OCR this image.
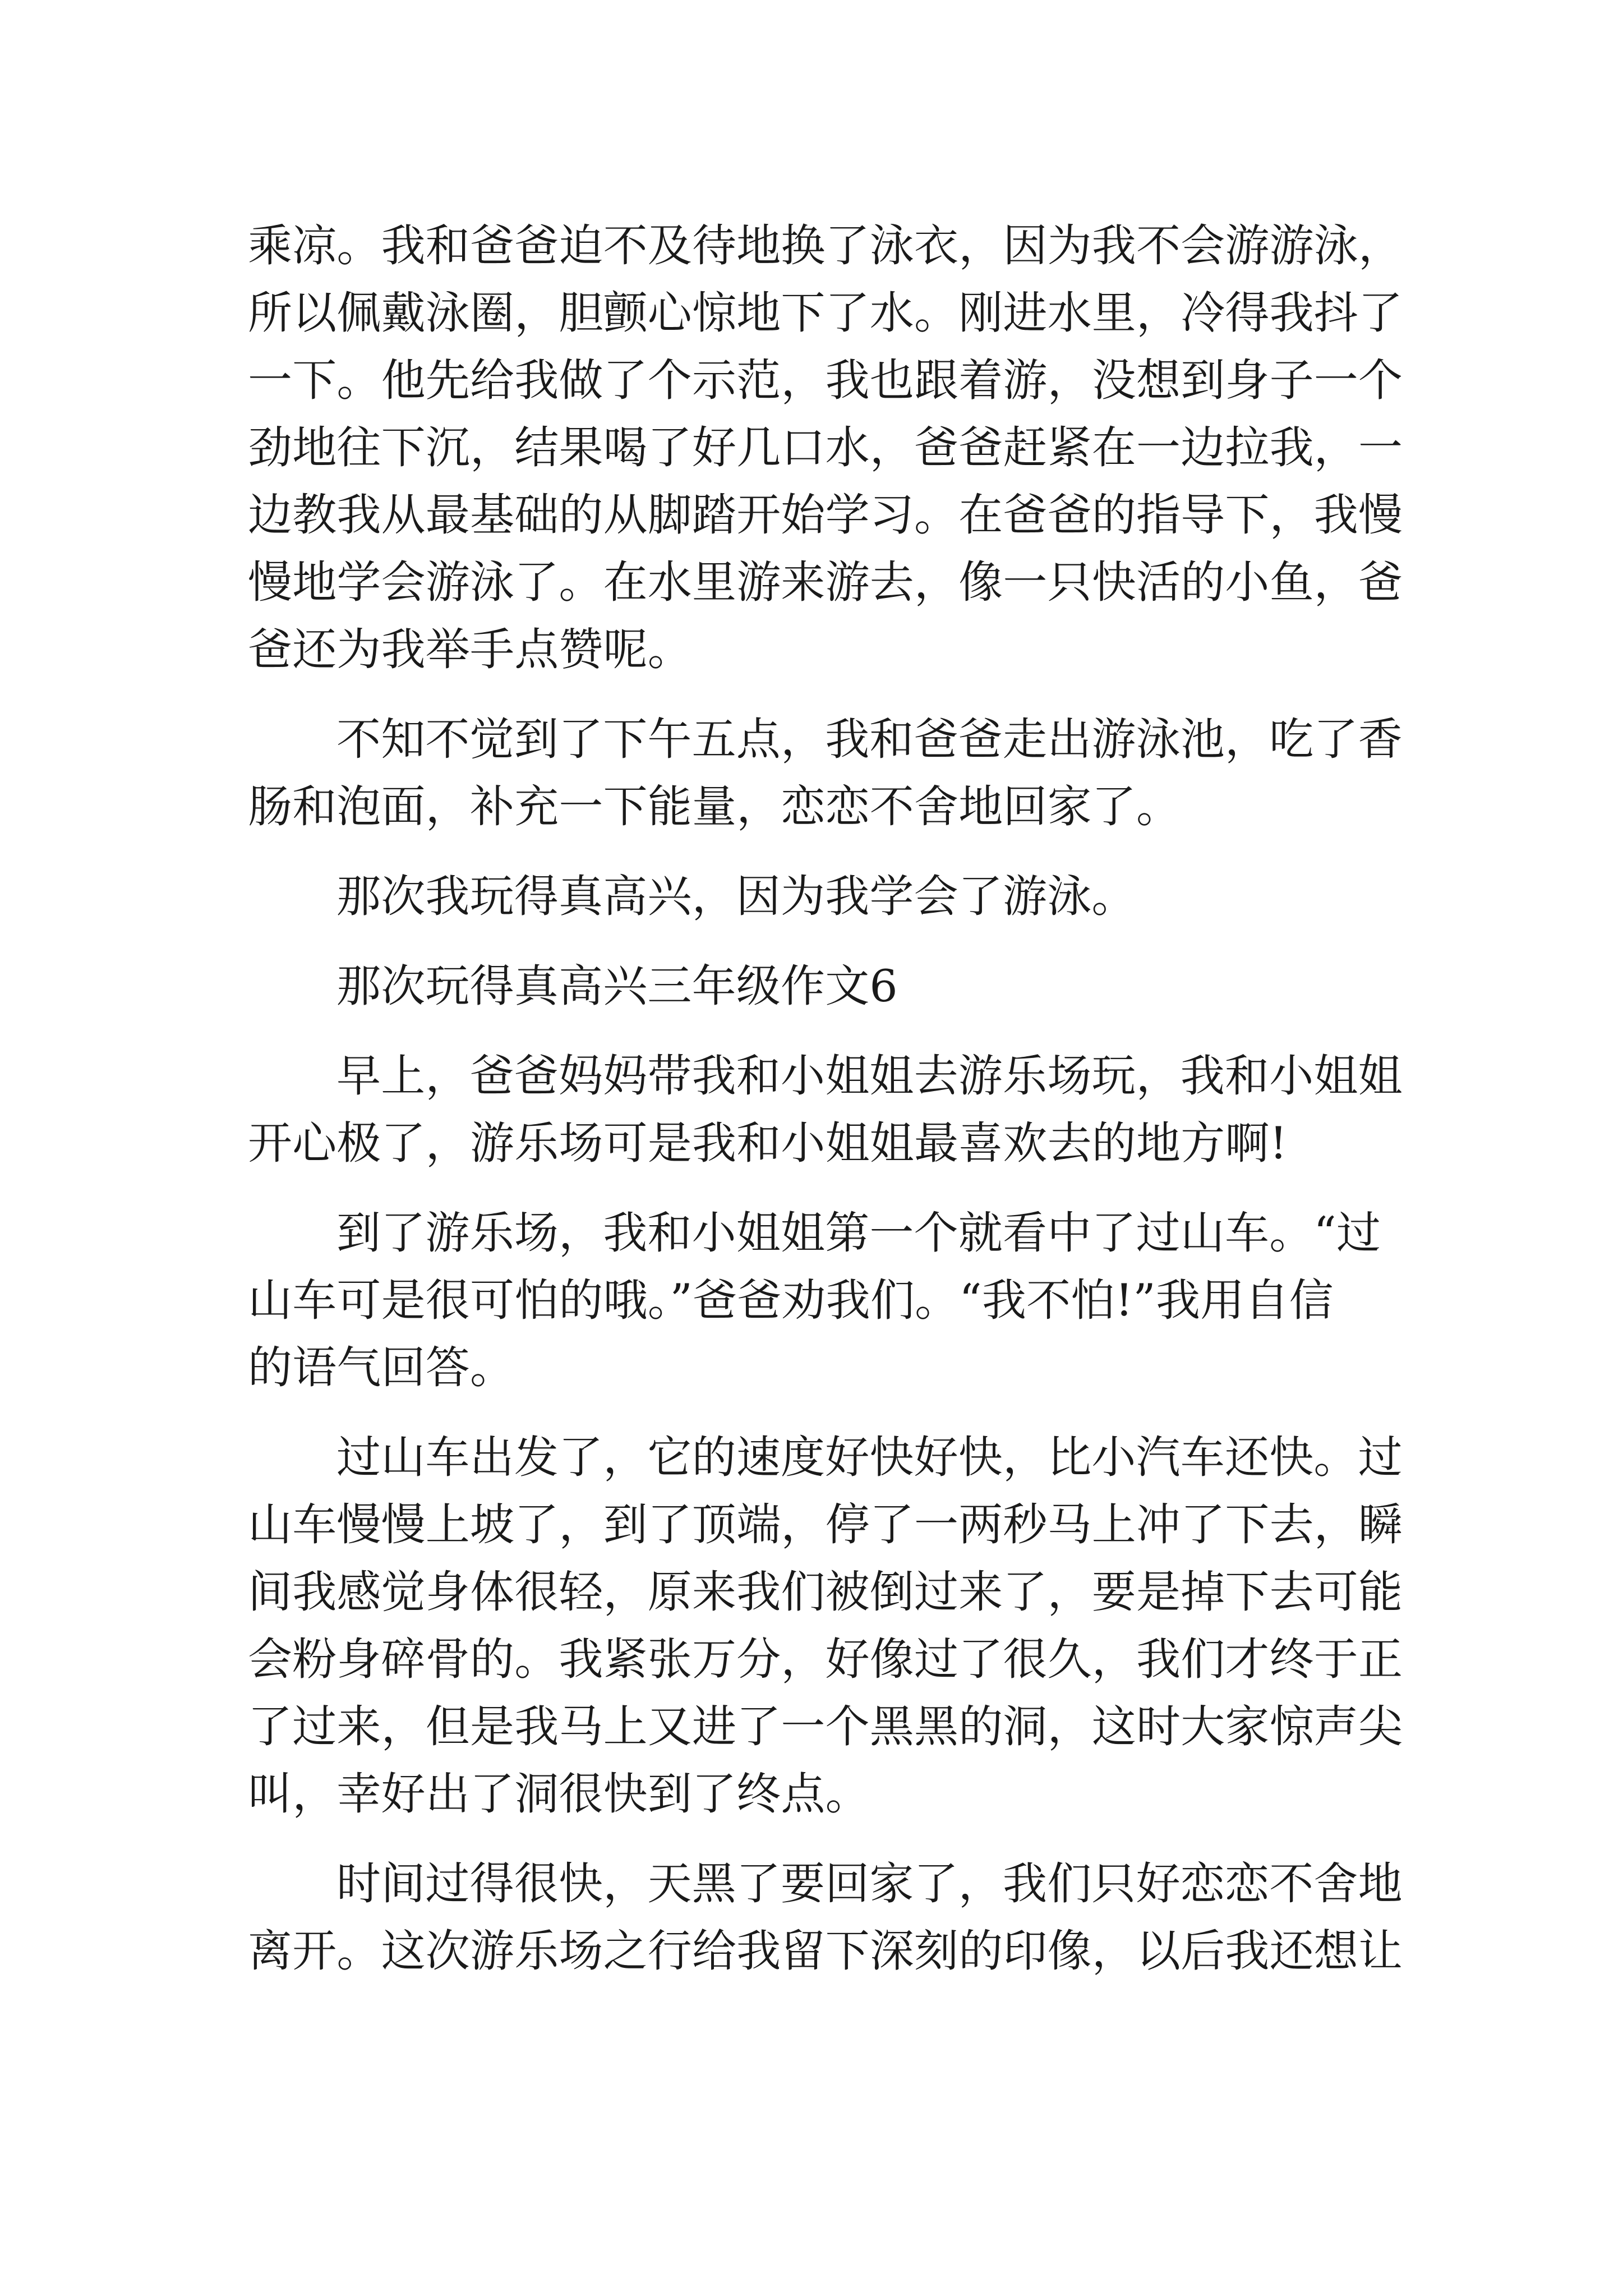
乘凉。我和爸爸迫不及待地换了泳衣，因为我不会游游泳，
所以佩戴泳圈，胆颤心惊地下了水。刚进水里，冷得我抖了
一下。他先给我做了个示范，我也跟着游，没想到身子一个
劲地往下沉，结果喝了好几口水，爸爸赶紧在一边拉我，一
边教我从最基础的从脚踏开始学习。在爸爸的指导下，我慢
慢地学会游泳了。在水里游来游去，像一只快活的小鱼，爸
爸还为我举手点赞呢。
不知不觉到了下午五点，我和爸爸走出游泳池，吃了香
肠和泡面，补充一下能量，恋恋不舍地回家了。
那次我玩得真高兴，因为我学会了游泳。
那次玩得真高兴三年级作文6
早上，爸爸妈妈带我和小姐姐去游乐场玩，我和小姐姐
开心极了，游乐场可是我和小姐姐最喜欢去的地方啊!
到了游乐场，我和小姐姐第一个就看中了过山车。“过
山车可是很可怕的哦。”爸爸劝我们。“我不怕!”我用自信
的语气回答。
过山车出发了，它的速度好快好快，比小汽车还快。过
山车慢慢上坡了，到了顶端，停了一两秒马上冲了下去，瞬
间我感觉身体很轻，原来我们被倒过来了，要是掉下去可能
会粉身碎骨的。我紧张万分，好像过了很久，我们才终于正
了过来，但是我马上又进了一个黑黑的洞，这时大家惊声尖
叫，幸好出了洞很快到了终点。
时间过得很快，天黑了要回家了，我们只好恋恋不舍地
离开。这次游乐场之行给我留下深刻的印像，以后我还想让
